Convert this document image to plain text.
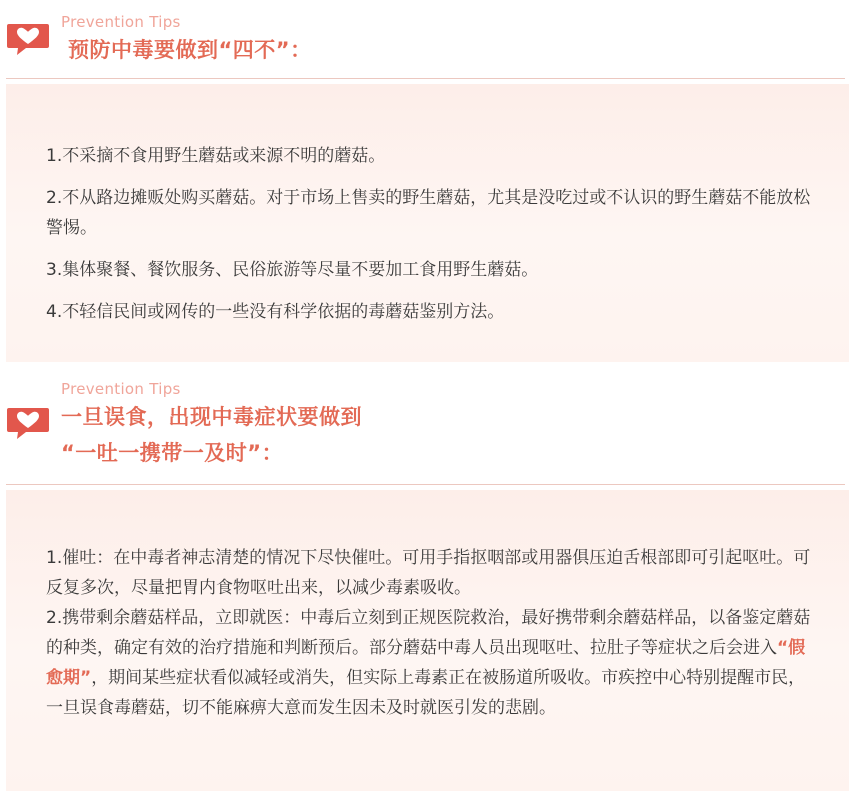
Prevention Tips
预防中毒要做到“四不”：
1.不采摘不食用野生蘑菇或来源不明的蘑菇。
2.不从路边摊贩处购买蘑菇。对于市场上售卖的野生蘑菇，尤其是没吃过或不认识的野生蘑菇不能放松警惕。
3.集体聚餐、餐饮服务、民俗旅游等尽量不要加工食用野生蘑菇。
4.不轻信民间或网传的一些没有科学依据的毒蘑菇鉴别方法。
Prevention Tips
一旦误食，出现中毒症状要做到
“一吐一携带一及时”：
1.催吐：在中毒者神志清楚的情况下尽快催吐。可用手指抠咽部或用器俱压迫舌根部即可引起呕吐。可反复多次，尽量把胃内食物呕吐出来，以减少毒素吸收。
2.携带剩余蘑菇样品，立即就医：中毒后立刻到正规医院救治，最好携带剩余蘑菇样品，以备鉴定蘑菇的种类，确定有效的治疗措施和判断预后。部分蘑菇中毒人员出现呕吐、拉肚子等症状之后会进入“假愈期”，期间某些症状看似减轻或消失，但实际上毒素正在被肠道所吸收。市疾控中心特别提醒市民，一旦误食毒蘑菇，切不能麻痹大意而发生因未及时就医引发的悲剧。
